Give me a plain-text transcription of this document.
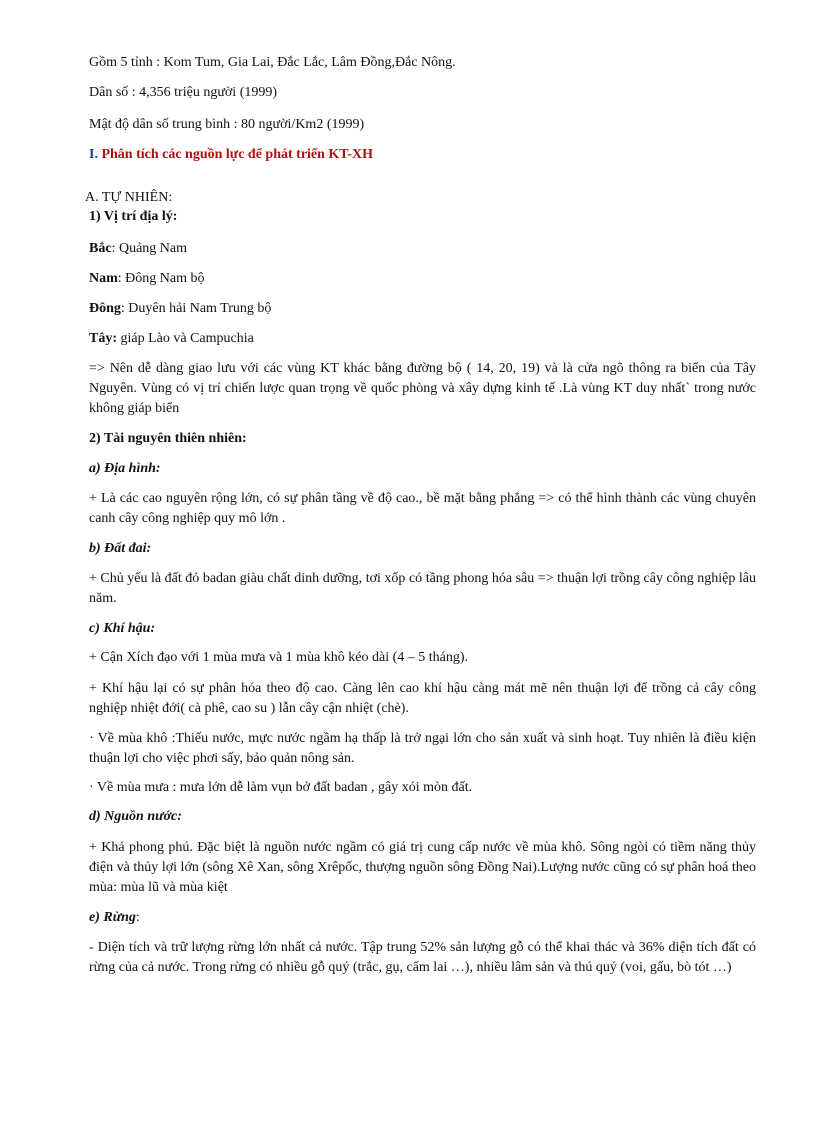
Gồm 5 tỉnh : Kom Tum, Gia Lai, Đắc Lắc, Lâm Đồng,Đắc Nông.
Dân số : 4,356 triệu người (1999)
Mật độ dân số trung bình : 80 người/Km2 (1999)
I. Phân tích các nguồn lực để phát triển KT-XH
A. TỰ NHIÊN:
1) Vị trí địa lý:
Bắc: Quảng Nam
Nam: Đông Nam bộ
Đông: Duyên hải Nam Trung bộ
Tây: giáp Lào và Campuchia
=> Nên dễ dàng giao lưu với các vùng KT khác bằng đường bộ ( 14, 20, 19) và là cửa ngõ thông ra biển của Tây Nguyên. Vùng có vị trí chiến lược quan trọng về quốc phòng và xây dựng kinh tế .Là vùng KT duy nhất` trong nước không giáp biển
2) Tài nguyên thiên nhiên:
a) Địa hình:
+ Là các cao nguyên rộng lớn, có sự phân tầng về độ cao., bề mặt bằng phẳng => có thể hình thành các vùng chuyên canh cây công nghiệp quy mô lớn .
b) Đất đai:
+ Chủ yếu là đất đỏ badan giàu chất dinh dưỡng, tơi xốp có tầng phong hóa sâu => thuận lợi trồng cây công nghiệp lâu năm.
c) Khí hậu:
+ Cận Xích đạo với 1 mùa mưa và 1 mùa khô kéo dài (4 – 5 tháng).
+ Khí hậu lại có sự phân hóa theo độ cao. Càng lên cao khí hậu càng mát mẽ nên thuận lợi để trồng cả cây công nghiệp nhiệt đới( cà phê, cao su ) lẫn cây cận nhiệt (chè).
· Về mùa khô :Thiếu nước, mực nước ngầm hạ thấp là trở ngại lớn cho sản xuất và sinh hoạt. Tuy nhiên là điều kiện thuận lợi cho việc phơi sấy, bảo quản nông sản.
· Về mùa mưa : mưa lớn dễ làm vụn bở đất badan , gây xói mòn đất.
d) Nguồn nước:
+ Khá phong phú. Đặc biệt là nguồn nước ngầm có giá trị cung cấp nước về mùa khô. Sông ngòi có tiềm năng thủy điện và thủy lợi lớn (sông Xê Xan, sông Xrêpốc, thượng nguồn sông Đồng Nai).Lượng nước cũng có sự phân hoá theo mùa: mùa lũ và mùa kiệt
e) Rừng:
- Diện tích và trữ lượng rừng lớn nhất cả nước. Tập trung 52% sản lượng gỗ có thể khai thác và 36% diện tích đất có rừng của cả nước. Trong rừng có nhiều gỗ quý (trắc, gụ, cẩm lai …), nhiều lâm sản và thú quý (voi, gấu, bò tót …)
